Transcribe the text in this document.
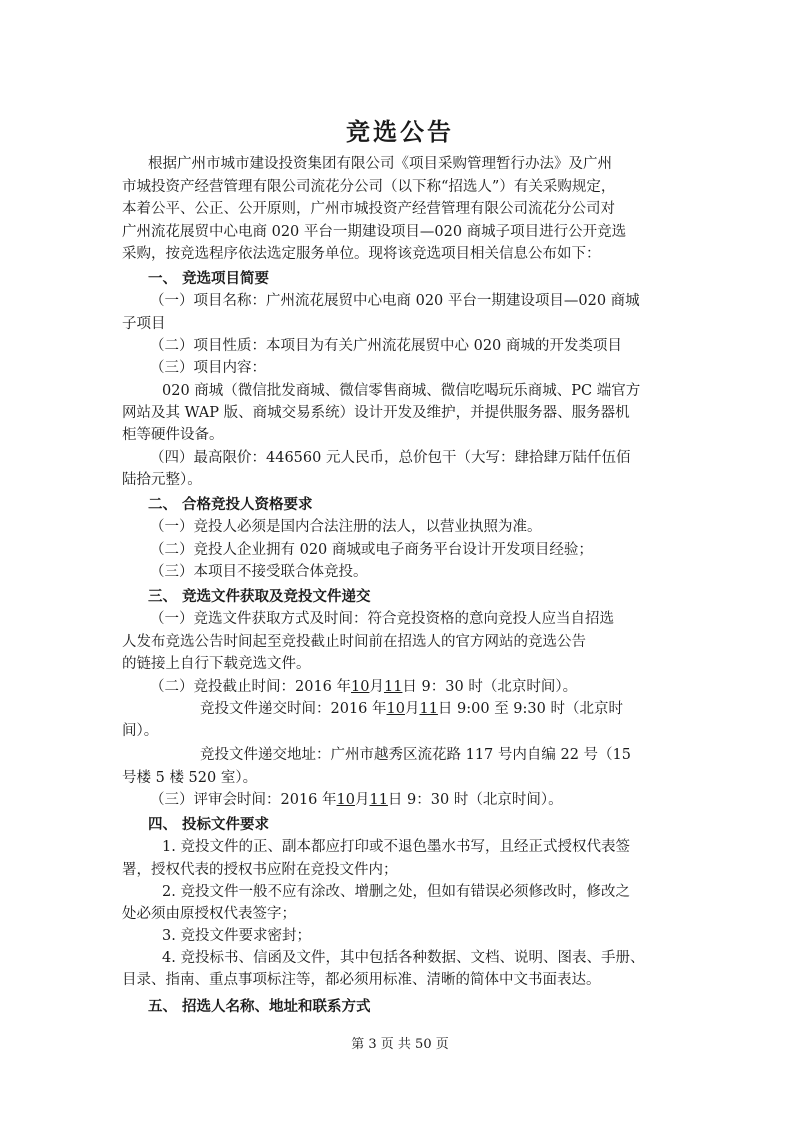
竞选公告
根据广州市城市建设投资集团有限公司《项目采购管理暂行办法》及广州
市城投资产经营管理有限公司流花分公司（以下称“招选人”）有关采购规定，
本着公平、公正、公开原则，广州市城投资产经营管理有限公司流花分公司对
广州流花展贸中心电商 020 平台一期建设项目—020 商城子项目进行公开竞选
采购，按竞选程序依法选定服务单位。现将该竞选项目相关信息公布如下：
一、 竞选项目简要
（一）项目名称：广州流花展贸中心电商 020 平台一期建设项目—020 商城
子项目
（二）项目性质：本项目为有关广州流花展贸中心 020 商城的开发类项目
（三）项目内容：
020 商城（微信批发商城、微信零售商城、微信吃喝玩乐商城、PC 端官方
网站及其 WAP 版、商城交易系统）设计开发及维护，并提供服务器、服务器机
柜等硬件设备。
（四）最高限价：446560 元人民币，总价包干（大写：肆拾肆万陆仟伍佰
陆拾元整）。
二、 合格竞投人资格要求
（一）竞投人必须是国内合法注册的法人，以营业执照为准。
（二）竞投人企业拥有 020 商城或电子商务平台设计开发项目经验；
（三）本项目不接受联合体竞投。
三、 竞选文件获取及竞投文件递交
（一）竞选文件获取方式及时间：符合竞投资格的意向竞投人应当自招选
人发布竞选公告时间起至竞投截止时间前在招选人的官方网站的竞选公告
的链接上自行下载竞选文件。
（二）竞投截止时间：2016 年10月11日 9：30 时（北京时间）。
竞投文件递交时间：2016 年10月11日 9:00 至 9:30 时（北京时
间）。
竞投文件递交地址：广州市越秀区流花路 117 号内自编 22 号（15
号楼 5 楼 520 室）。
（三）评审会时间：2016 年10月11日 9：30 时（北京时间）。
四、 投标文件要求
1. 竞投文件的正、副本都应打印或不退色墨水书写，且经正式授权代表签
署，授权代表的授权书应附在竞投文件内；
2. 竞投文件一般不应有涂改、增删之处，但如有错误必须修改时，修改之
处必须由原授权代表签字；
3. 竞投文件要求密封；
4. 竞投标书、信函及文件，其中包括各种数据、文档、说明、图表、手册、
目录、指南、重点事项标注等，都必须用标准、清晰的简体中文书面表达。
五、 招选人名称、地址和联系方式
第 3 页 共 50 页
